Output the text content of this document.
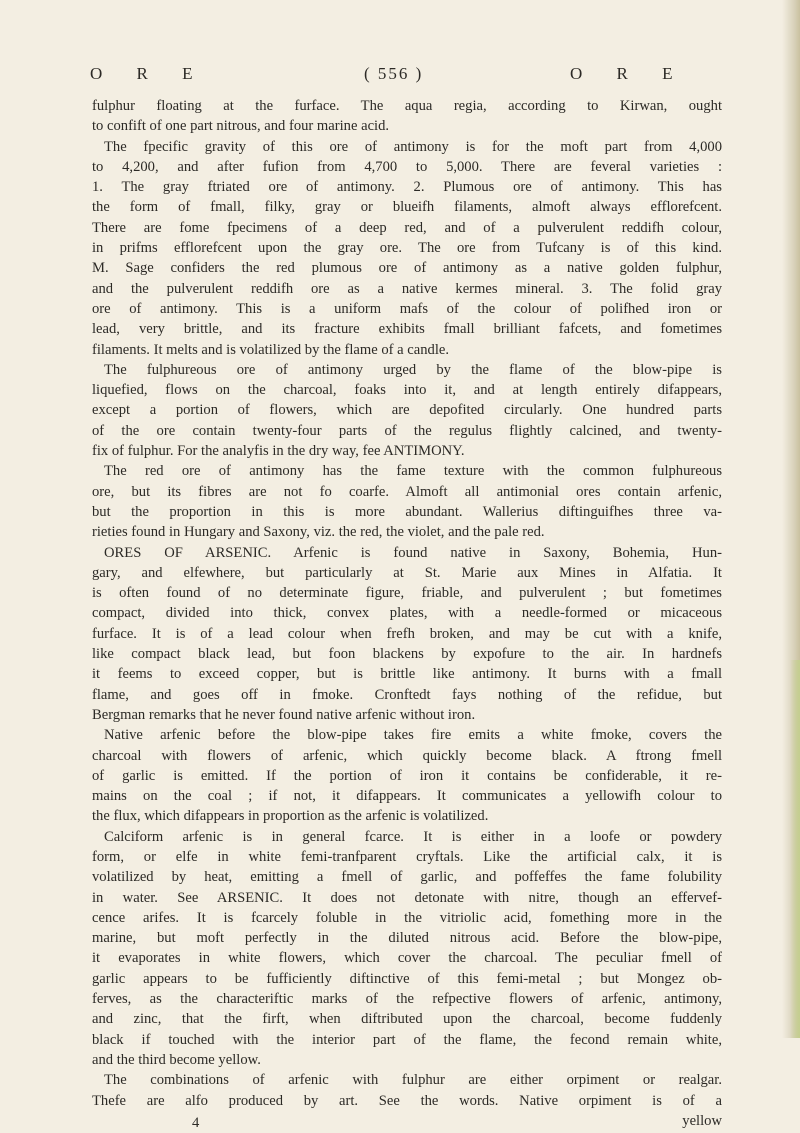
O R E	( 556 )	O R E
fulphur floating at the furface. The aqua regia, according to Kirwan, ought
to confift of one part nitrous, and four marine acid.
The fpecific gravity of this ore of antimony is for the moft part from 4,000
to 4,200, and after fufion from 4,700 to 5,000. There are feveral varieties :
1. The gray ftriated ore of antimony. 2. Plumous ore of antimony. This has
the form of fmall, filky, gray or blueifh filaments, almoft always efflorefcent.
There are fome fpecimens of a deep red, and of a pulverulent reddifh colour,
in prifms efflorefcent upon the gray ore. The ore from Tufcany is of this kind.
M. Sage confiders the red plumous ore of antimony as a native golden fulphur,
and the pulverulent reddifh ore as a native kermes mineral. 3. The folid gray
ore of antimony. This is a uniform mafs of the colour of polifhed iron or
lead, very brittle, and its fracture exhibits fmall brilliant fafcets, and fometimes
filaments. It melts and is volatilized by the flame of a candle.
The fulphureous ore of antimony urged by the flame of the blow-pipe is
liquefied, flows on the charcoal, foaks into it, and at length entirely difappears,
except a portion of flowers, which are depofited circularly. One hundred parts
of the ore contain twenty-four parts of the regulus flightly calcined, and twenty-
fix of fulphur. For the analyfis in the dry way, fee ANTIMONY.
The red ore of antimony has the fame texture with the common fulphureous
ore, but its fibres are not fo coarfe. Almoft all antimonial ores contain arfenic,
but the proportion in this is more abundant. Wallerius diftinguifhes three va-
rieties found in Hungary and Saxony, viz. the red, the violet, and the pale red.
ORES OF ARSENIC. Arfenic is found native in Saxony, Bohemia, Hun-
gary, and elfewhere, but particularly at St. Marie aux Mines in Alfatia. It
is often found of no determinate figure, friable, and pulverulent ; but fometimes
compact, divided into thick, convex plates, with a needle-formed or micaceous
furface. It is of a lead colour when frefh broken, and may be cut with a knife,
like compact black lead, but foon blackens by expofure to the air. In hardnefs
it feems to exceed copper, but is brittle like antimony. It burns with a fmall
flame, and goes off in fmoke. Cronftedt fays nothing of the refidue, but
Bergman remarks that he never found native arfenic without iron.
Native arfenic before the blow-pipe takes fire emits a white fmoke, covers the
charcoal with flowers of arfenic, which quickly become black. A ftrong fmell
of garlic is emitted. If the portion of iron it contains be confiderable, it re-
mains on the coal ; if not, it difappears. It communicates a yellowifh colour to
the flux, which difappears in proportion as the arfenic is volatilized.
Calciform arfenic is in general fcarce. It is either in a loofe or powdery
form, or elfe in white femi-tranfparent cryftals. Like the artificial calx, it is
volatilized by heat, emitting a fmell of garlic, and poffeffes the fame folubility
in water. See ARSENIC. It does not detonate with nitre, though an effervef-
cence arifes. It is fcarcely foluble in the vitriolic acid, fomething more in the
marine, but moft perfectly in the diluted nitrous acid. Before the blow-pipe,
it evaporates in white flowers, which cover the charcoal. The peculiar fmell of
garlic appears to be fufficiently diftinctive of this femi-metal ; but Mongez ob-
ferves, as the characteriftic marks of the refpective flowers of arfenic, antimony,
and zinc, that the firft, when diftributed upon the charcoal, become fuddenly
black if touched with the interior part of the flame, the fecond remain white,
and the third become yellow.
The combinations of arfenic with fulphur are either orpiment or realgar.
Thefe are alfo produced by art. See the words. Native orpiment is of a
4	yellow
